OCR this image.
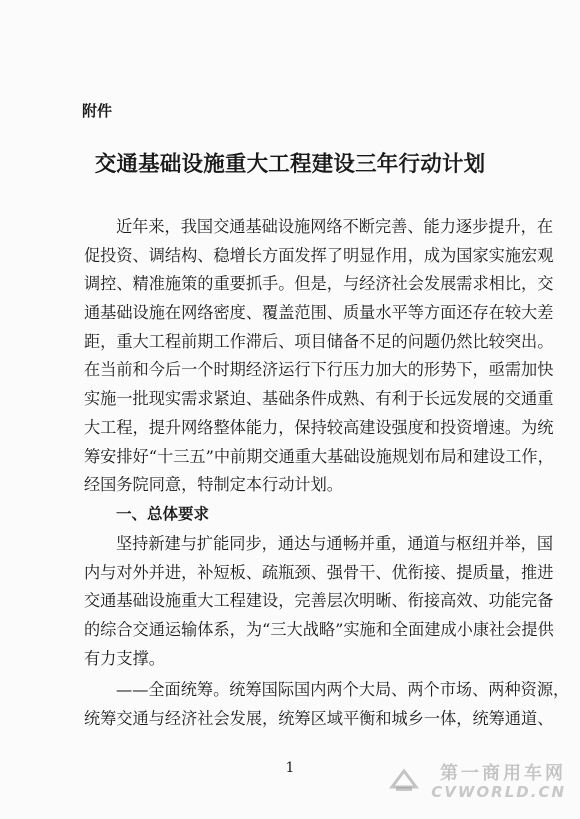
附件
交通基础设施重大工程建设三年行动计划
近年来，我国交通基础设施网络不断完善、能力逐步提升，在
促投资、调结构、稳增长方面发挥了明显作用，成为国家实施宏观
调控、精准施策的重要抓手。但是，与经济社会发展需求相比，交
通基础设施在网络密度、覆盖范围、质量水平等方面还存在较大差
距，重大工程前期工作滞后、项目储备不足的问题仍然比较突出。
在当前和今后一个时期经济运行下行压力加大的形势下，亟需加快
实施一批现实需求紧迫、基础条件成熟、有利于长远发展的交通重
大工程，提升网络整体能力，保持较高建设强度和投资增速。为统
筹安排好“十三五”中前期交通重大基础设施规划布局和建设工作，
经国务院同意，特制定本行动计划。
一、总体要求
坚持新建与扩能同步，通达与通畅并重，通道与枢纽并举，国
内与对外并进，补短板、疏瓶颈、强骨干、优衔接、提质量，推进
交通基础设施重大工程建设，完善层次明晰、衔接高效、功能完备
的综合交通运输体系，为“三大战略”实施和全面建成小康社会提供
有力支撑。
——全面统筹。统筹国际国内两个大局、两个市场、两种资源，
统筹交通与经济社会发展，统筹区域平衡和城乡一体，统筹通道、
1	第一商用车网
CVWORLD.CN
